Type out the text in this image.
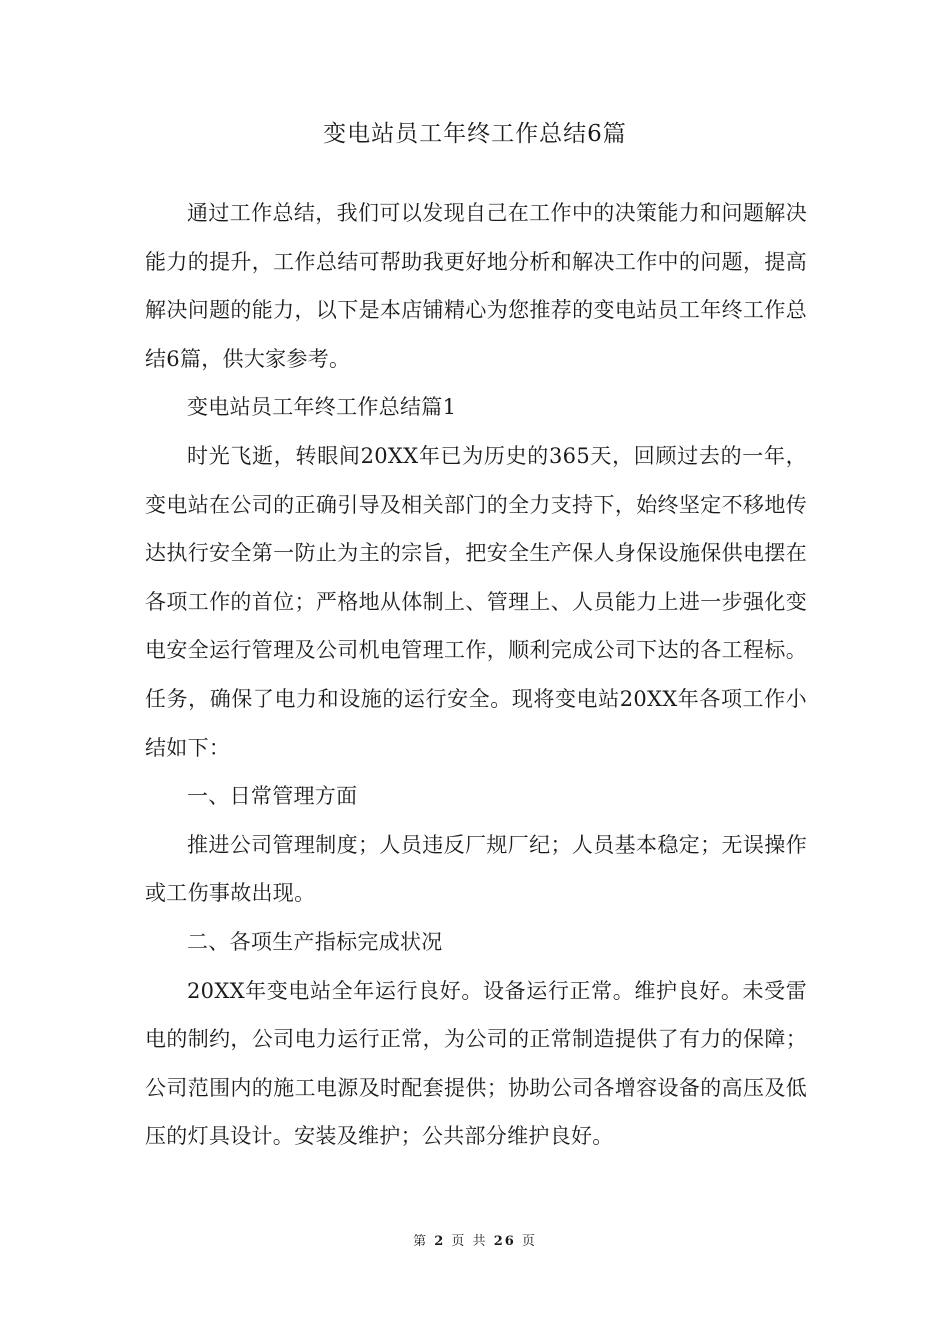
变电站员工年终工作总结6篇

通过工作总结，我们可以发现自己在工作中的决策能力和问题解决能力的提升，工作总结可帮助我更好地分析和解决工作中的问题，提高解决问题的能力，以下是本店铺精心为您推荐的变电站员工年终工作总结6篇，供大家参考。

变电站员工年终工作总结篇1

时光飞逝，转眼间20XX年已为历史的365天，回顾过去的一年，变电站在公司的正确引导及相关部门的全力支持下，始终坚定不移地传达执行安全第一防止为主的宗旨，把安全生产保人身保设施保供电摆在各项工作的首位；严格地从体制上、管理上、人员能力上进一步强化变电安全运行管理及公司机电管理工作，顺利完成公司下达的各工程标。任务，确保了电力和设施的运行安全。现将变电站20XX年各项工作小结如下：

一、日常管理方面

推进公司管理制度；人员违反厂规厂纪；人员基本稳定；无误操作或工伤事故出现。

二、各项生产指标完成状况

20XX年变电站全年运行良好。设备运行正常。维护良好。未受雷电的制约，公司电力运行正常，为公司的正常制造提供了有力的保障；公司范围内的施工电源及时配套提供；协助公司各增容设备的高压及低压的灯具设计。安装及维护；公共部分维护良好。

第 2 页 共 26 页
